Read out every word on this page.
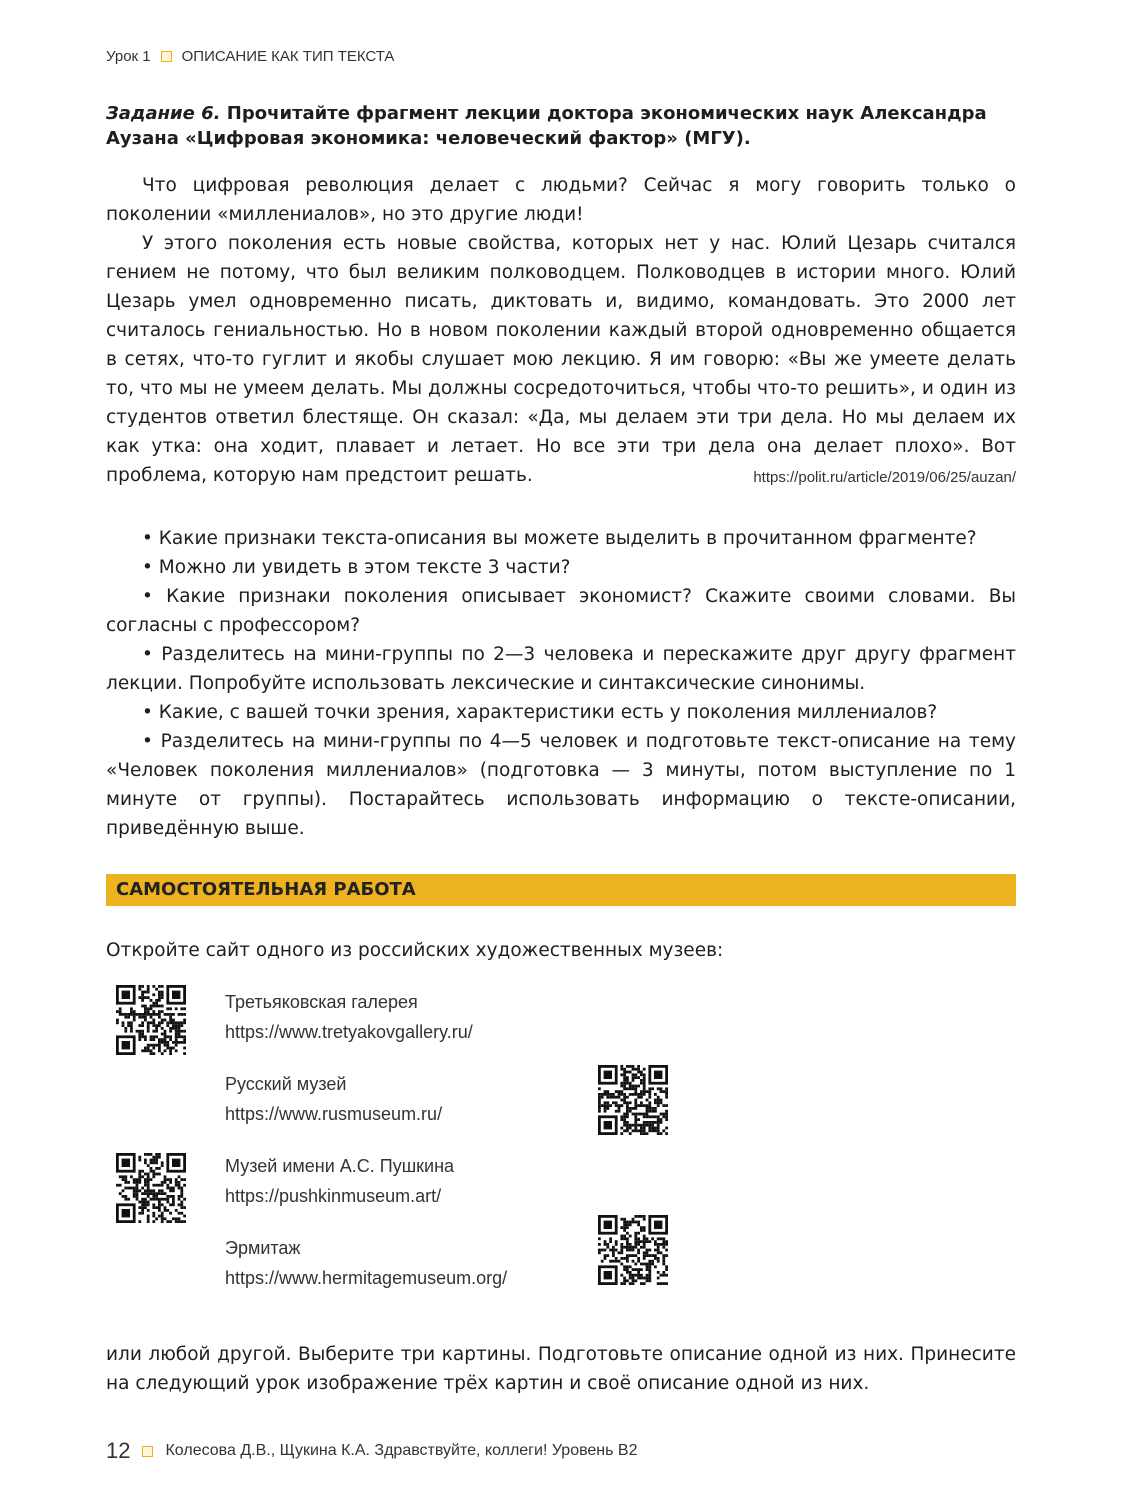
Урок 1 ОПИСАНИЕ КАК ТИП ТЕКСТА
Задание 6. Прочитайте фрагмент лекции доктора экономических наук Александра Аузана «Цифровая экономика: человеческий фактор» (МГУ).

Что цифровая революция делает с людьми? Сейчас я могу говорить только о поколении «миллениалов», но это другие люди!

У этого поколения есть новые свойства, которых нет у нас. Юлий Цезарь считался гением не потому, что был великим полководцем. Полководцев в истории много. Юлий Цезарь умел одновременно писать, диктовать и, видимо, командовать. Это 2000 лет считалось гениальностью. Но в новом поколении каждый второй одновременно общается в сетях, что-то гуглит и якобы слушает мою лекцию. Я им говорю: «Вы же умеете делать то, что мы не умеем делать. Мы должны сосредоточиться, чтобы что-то решить», и один из студентов ответил блестяще. Он сказал: «Да, мы делаем эти три дела. Но мы делаем их как утка: она ходит, плавает и летает. Но все эти три дела она делает плохо». Вот проблема, которую нам предстоит решать.	https://polit.ru/article/2019/06/25/auzan/

• Какие признаки текста-описания вы можете выделить в прочитанном фрагменте?

• Можно ли увидеть в этом тексте 3 части?

• Какие признаки поколения описывает экономист? Скажите своими словами. Вы согласны с профессором?

• Разделитесь на мини-группы по 2—3 человека и перескажите друг другу фрагмент лекции. Попробуйте использовать лексические и синтаксические синонимы.

• Какие, с вашей точки зрения, характеристики есть у поколения миллениалов?

• Разделитесь на мини-группы по 4—5 человек и подготовьте текст-описание на тему «Человек поколения миллениалов» (подготовка — 3 минуты, потом выступление по 1 минуте от группы). Постарайтесь использовать информацию о тексте-описании, приведённую выше.

САМОСТОЯТЕЛЬНАЯ РАБОТА
Откройте сайт одного из российских художественных музеев:
Третьяковская галерея
https://www.tretyakovgallery.ru/
Русский музей
https://www.rusmuseum.ru/
Музей имени А.С. Пушкина
https://pushkinmuseum.art/
Эрмитаж
https://www.hermitagemuseum.org/
или любой другой. Выберите три картины. Подготовьте описание одной из них. Принесите на следующий урок изображение трёх картин и своё описание одной из них.
12 Колесова Д.В., Щукина К.А. Здравствуйте, коллеги! Уровень В2
